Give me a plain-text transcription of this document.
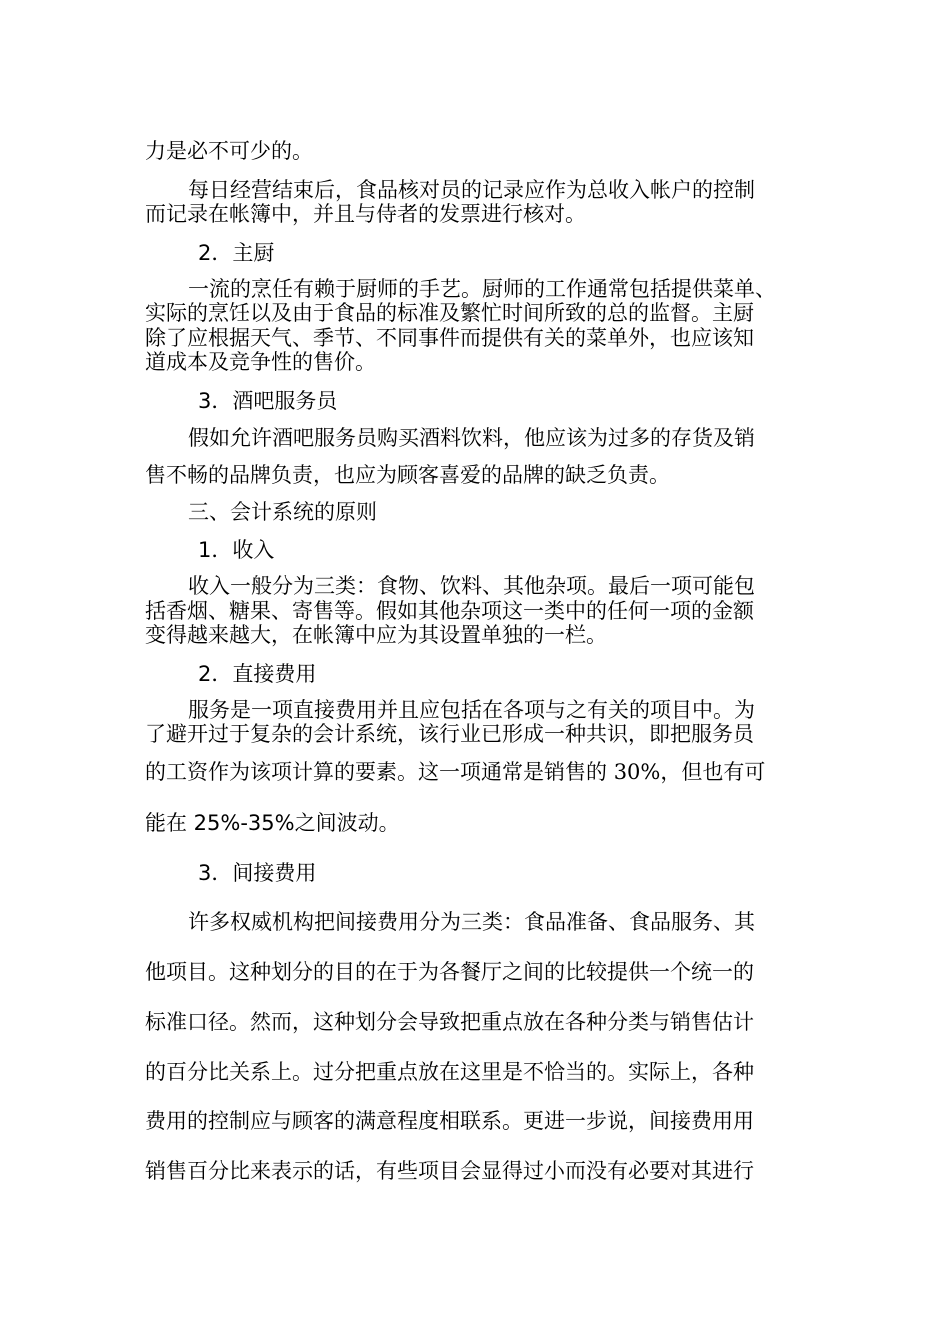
力是必不可少的。

每日经营结束后，食品核对员的记录应作为总收入帐户的控制

而记录在帐簿中，并且与侍者的发票进行核对。

2．主厨

一流的烹任有赖于厨师的手艺。厨师的工作通常包括提供菜单、

实际的烹饪以及由于食品的标准及繁忙时间所致的总的监督。主厨

除了应根据天气、季节、不同事件而提供有关的菜单外，也应该知

道成本及竞争性的售价。

3．酒吧服务员

假如允许酒吧服务员购买酒料饮料，他应该为过多的存货及销

售不畅的品牌负责，也应为顾客喜爱的品牌的缺乏负责。

三、会计系统的原则

1．收入

收入一般分为三类：食物、饮料、其他杂项。最后一项可能包

括香烟、糖果、寄售等。假如其他杂项这一类中的任何一项的金额

变得越来越大，在帐簿中应为其设置单独的一栏。

2．直接费用

服务是一项直接费用并且应包括在各项与之有关的项目中。为

了避开过于复杂的会计系统，该行业已形成一种共识，即把服务员

的工资作为该项计算的要素。这一项通常是销售的 30%，但也有可

能在 25%-35%之间波动。

3．间接费用

许多权威机构把间接费用分为三类：食品准备、食品服务、其

他项目。这种划分的目的在于为各餐厅之间的比较提供一个统一的

标准口径。然而，这种划分会导致把重点放在各种分类与销售估计

的百分比关系上。过分把重点放在这里是不恰当的。实际上，各种

费用的控制应与顾客的满意程度相联系。更进一步说，间接费用用

销售百分比来表示的话，有些项目会显得过小而没有必要对其进行
